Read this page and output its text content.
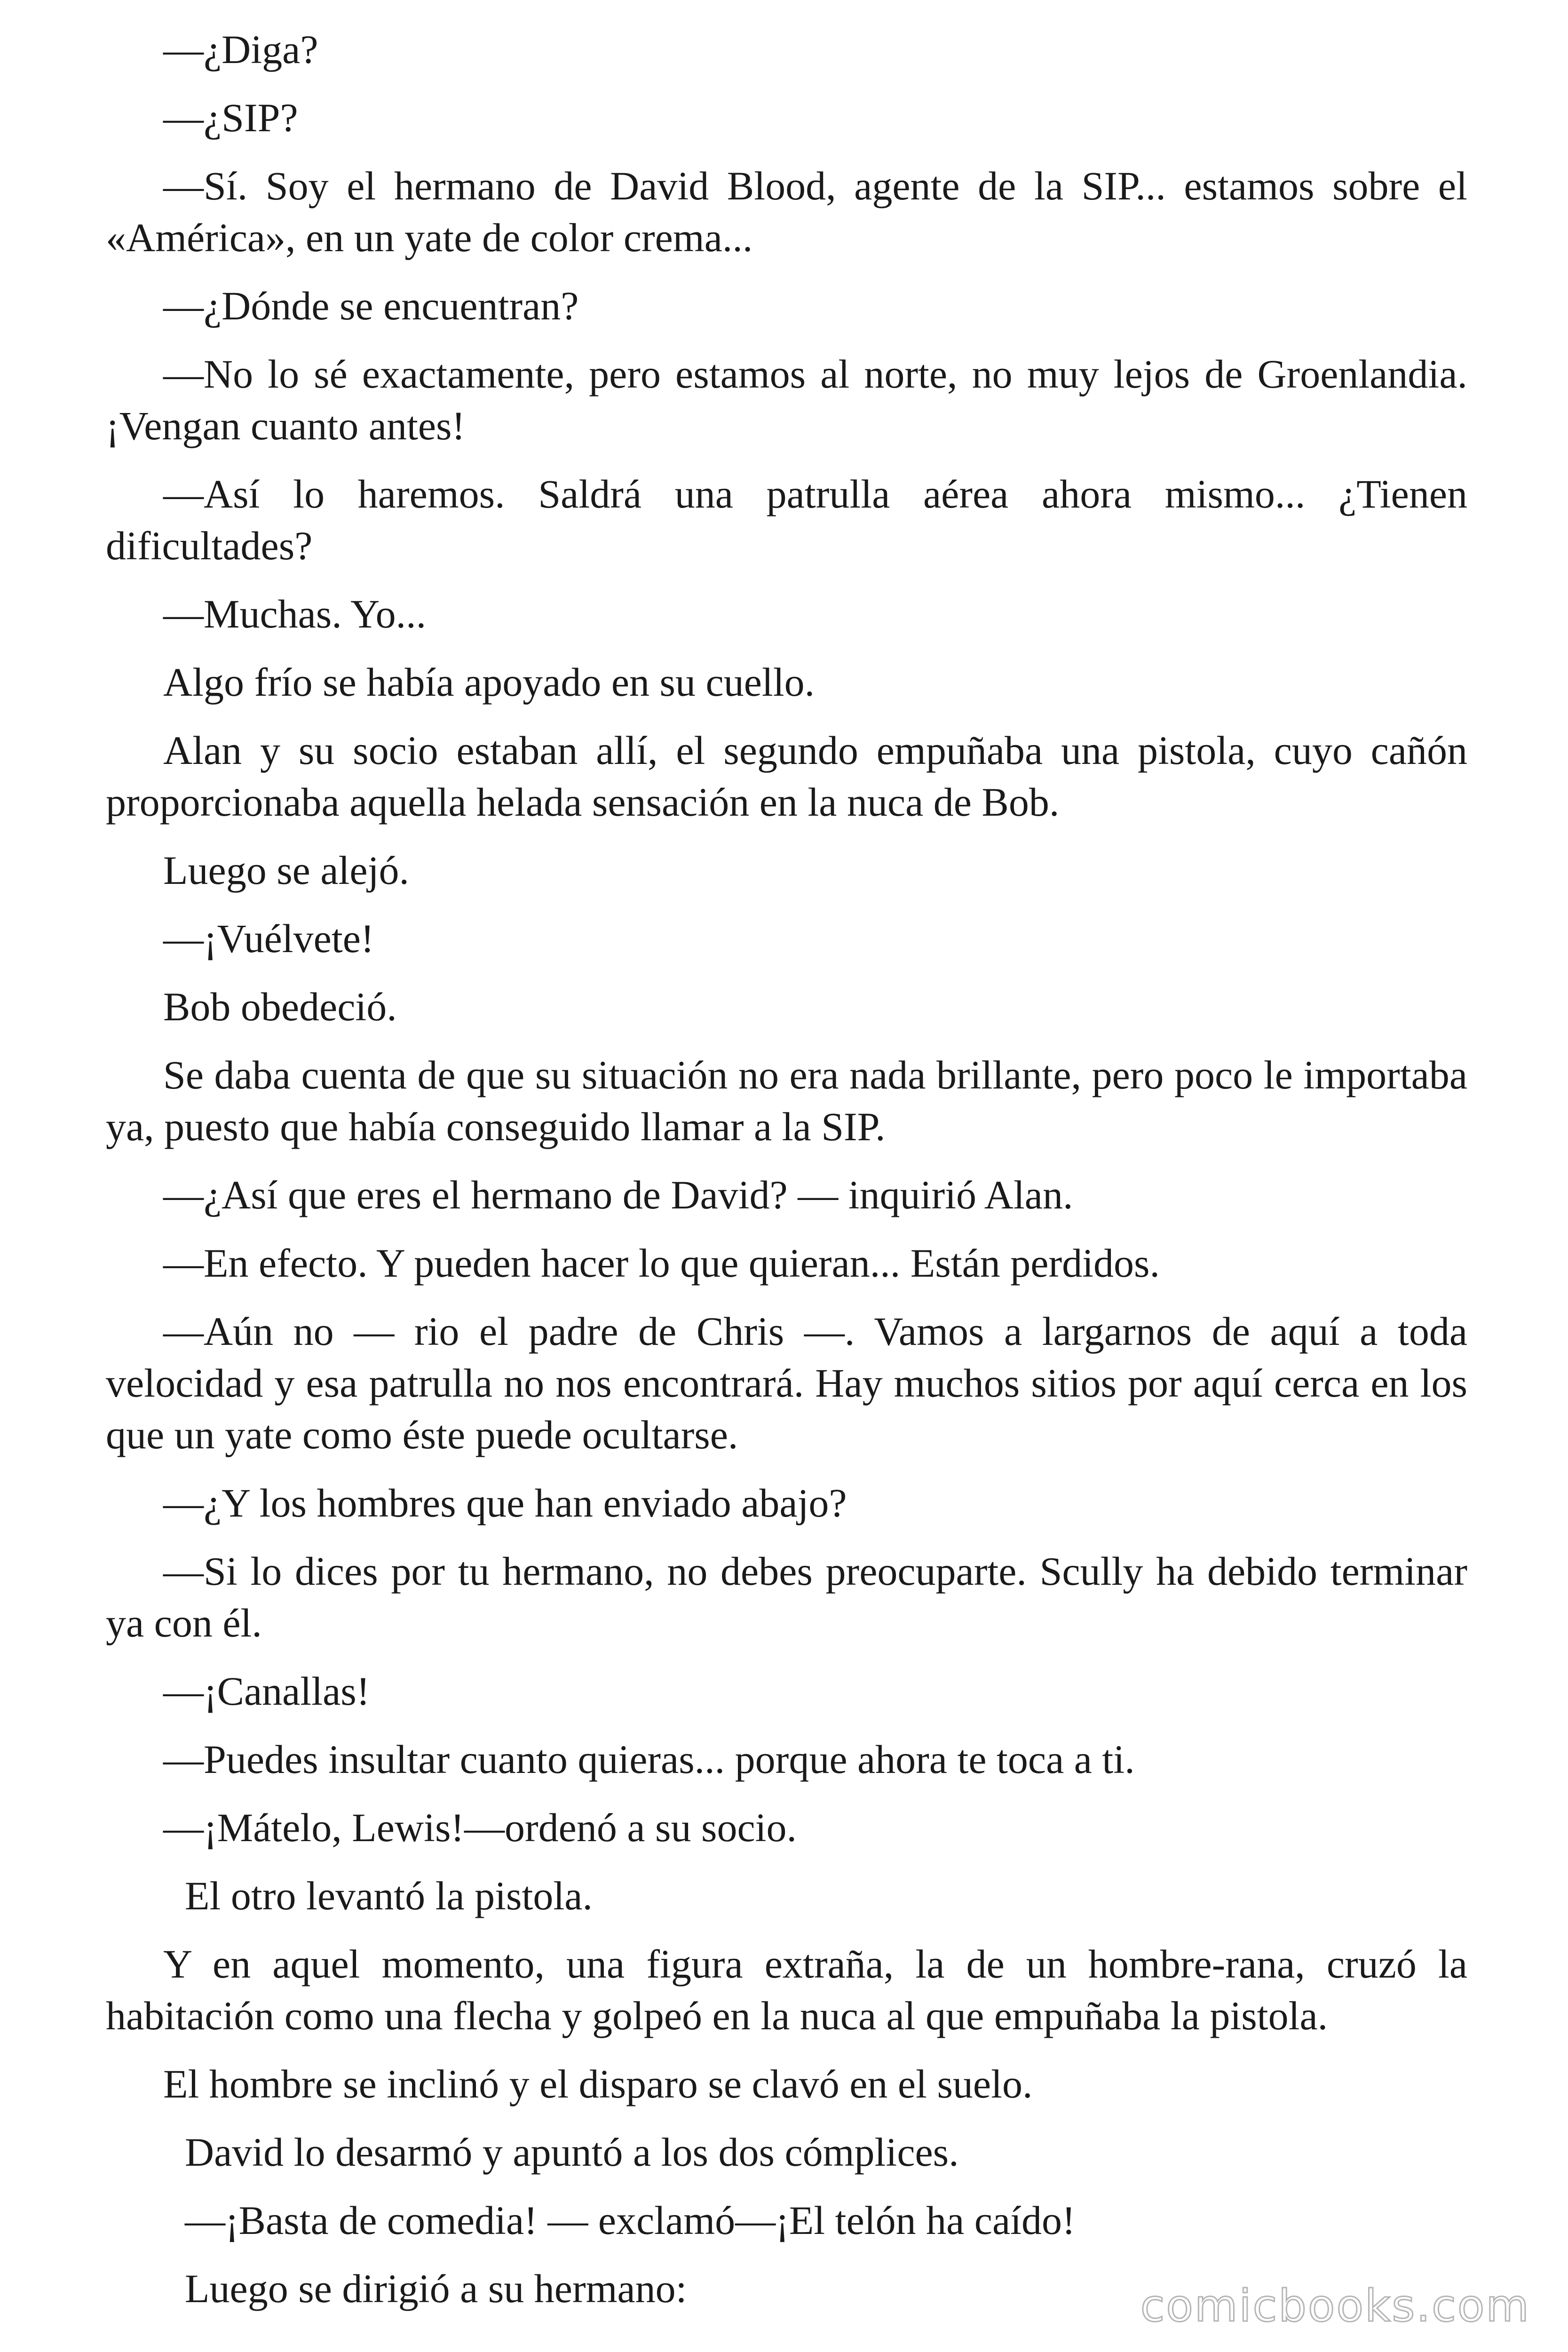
—¿Diga?

—¿SIP?

—Sí. Soy el hermano de David Blood, agente de la SIP... estamos sobre el «América», en un yate de color crema...

—¿Dónde se encuentran?

—No lo sé exactamente, pero estamos al norte, no muy lejos de Groenlandia. ¡Vengan cuanto antes!

—Así lo haremos. Saldrá una patrulla aérea ahora mismo... ¿Tienen dificultades?

—Muchas. Yo...

Algo frío se había apoyado en su cuello.

Alan y su socio estaban allí, el segundo empuñaba una pistola, cuyo cañón proporcionaba aquella helada sensación en la nuca de Bob.

Luego se alejó.

—¡Vuélvete!

Bob obedeció.

Se daba cuenta de que su situación no era nada brillante, pero poco le importaba ya, puesto que había conseguido llamar a la SIP.

—¿Así que eres el hermano de David? — inquirió Alan.

—En efecto. Y pueden hacer lo que quieran... Están perdidos.

—Aún no — rio el padre de Chris —. Vamos a largarnos de aquí a toda velocidad y esa patrulla no nos encontrará. Hay muchos sitios por aquí cerca en los que un yate como éste puede ocultarse.

—¿Y los hombres que han enviado abajo?

—Si lo dices por tu hermano, no debes preocuparte. Scully ha debido terminar ya con él.

—¡Canallas!

—Puedes insultar cuanto quieras... porque ahora te toca a ti.

—¡Mátelo, Lewis!—ordenó a su socio.

El otro levantó la pistola.

Y en aquel momento, una figura extraña, la de un hombre-rana, cruzó la habitación como una flecha y golpeó en la nuca al que empuñaba la pistola.

El hombre se inclinó y el disparo se clavó en el suelo.

David lo desarmó y apuntó a los dos cómplices.

—¡Basta de comedia! — exclamó—¡El telón ha caído!

Luego se dirigió a su hermano:	comicbooks.com
